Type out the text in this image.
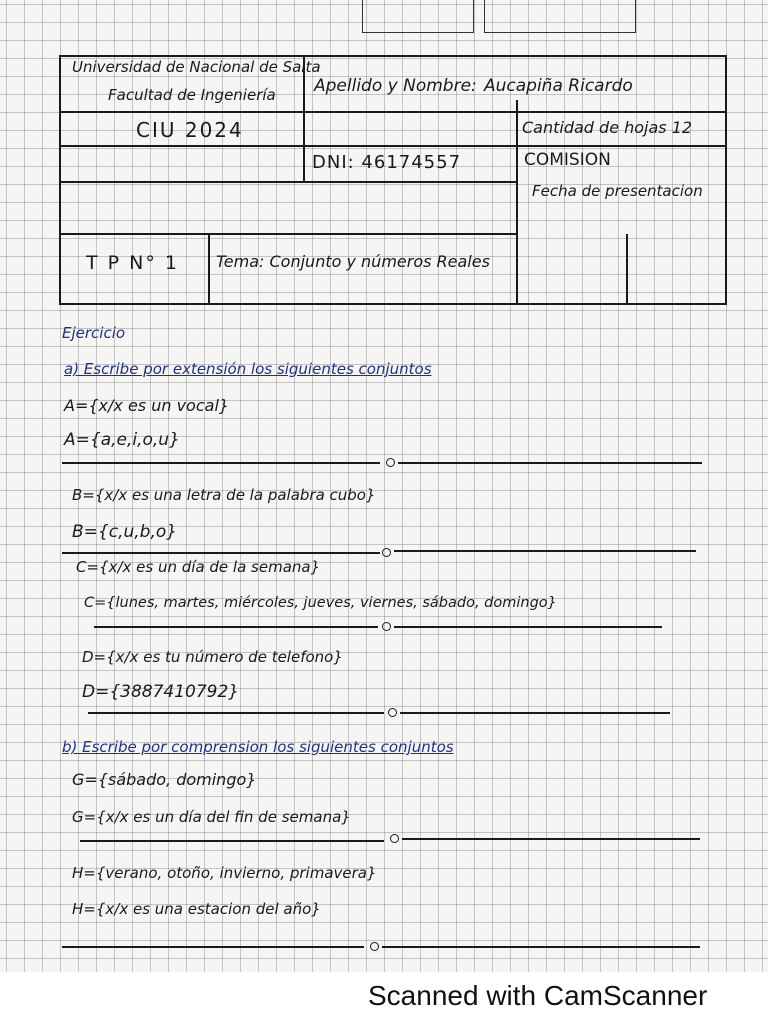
Universidad de Nacional de Salta
Facultad de Ingeniería Apellido y Nombre: Aucapiña Ricardo
CIU 2024	Cantidad de hojas 12
DNI: 46174557	COMISION
Fecha de presentacion
T P N° 1 Tema: Conjunto y números Reales
Ejercicio
a) Escribe por extensión los siguientes conjuntos
A={x/x es un vocal}
A={a,e,i,o,u}
B={x/x es una letra de la palabra cubo}
B={c,u,b,o}
C={x/x es un día de la semana}
C={lunes, martes, miércoles, jueves, viernes, sábado, domingo}
D={x/x es tu número de telefono}
D={3887410792}
b) Escribe por comprension los siguientes conjuntos
G={sábado, domingo}
G={x/x es un día del fin de semana}
H={verano, otoño, invierno, primavera}
H={x/x es una estacion del año}
Scanned with CamScanner
